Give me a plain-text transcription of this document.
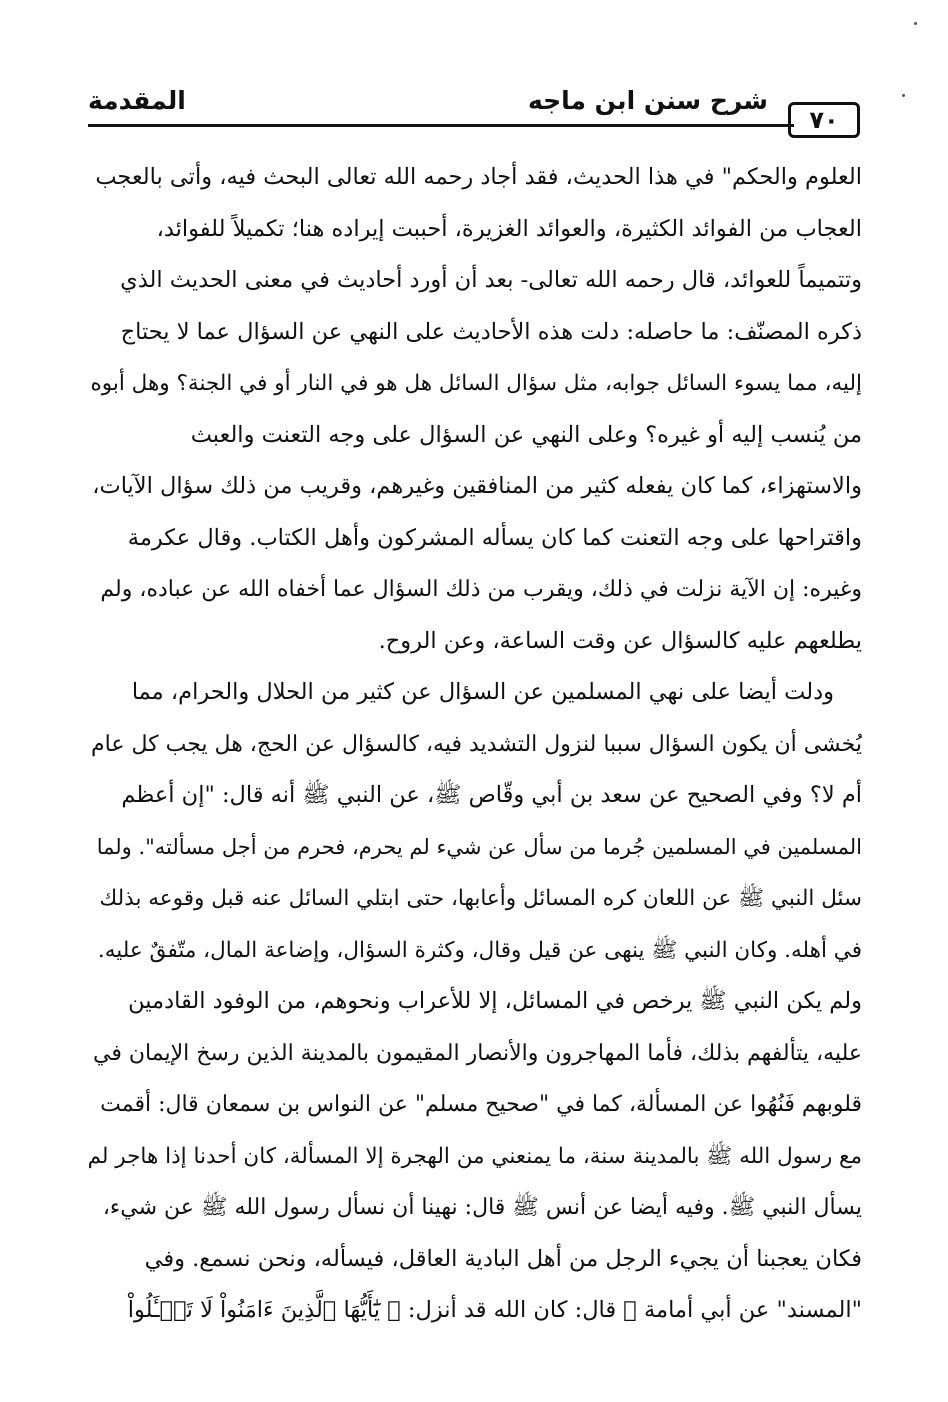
٧٠
شرح سنن ابن ماجه
المقدمة
العلوم والحكم" في هذا الحديث، فقد أجاد رحمه الله تعالى البحث فيه، وأتى بالعجب
العجاب من الفوائد الكثيرة، والعوائد الغزيرة، أحببت إيراده هنا؛ تكميلاً للفوائد،
وتتميماً للعوائد، قال رحمه الله تعالى- بعد أن أورد أحاديث في معنى الحديث الذي
ذكره المصنّف: ما حاصله: دلت هذه الأحاديث على النهي عن السؤال عما لا يحتاج
إليه، مما يسوء السائل جوابه، مثل سؤال السائل هل هو في النار أو في الجنة؟ وهل أبوه
من يُنسب إليه أو غيره؟ وعلى النهي عن السؤال على وجه التعنت والعبث
والاستهزاء، كما كان يفعله كثير من المنافقين وغيرهم، وقريب من ذلك سؤال الآيات،
واقتراحها على وجه التعنت كما كان يسأله المشركون وأهل الكتاب. وقال عكرمة
وغيره: إن الآية نزلت في ذلك، ويقرب من ذلك السؤال عما أخفاه الله عن عباده، ولم
يطلعهم عليه كالسؤال عن وقت الساعة، وعن الروح.
ودلت أيضا على نهي المسلمين عن السؤال عن كثير من الحلال والحرام، مما
يُخشى أن يكون السؤال سببا لنزول التشديد فيه، كالسؤال عن الحج، هل يجب كل عام
أم لا؟ وفي الصحيح عن سعد بن أبي وقّاص ﷺ، عن النبي ﷺ أنه قال: "إن أعظم
المسلمين في المسلمين جُرما من سأل عن شيء لم يحرم، فحرم من أجل مسألته". ولما
سئل النبي ﷺ عن اللعان كره المسائل وأعابها، حتى ابتلي السائل عنه قبل وقوعه بذلك
في أهله. وكان النبي ﷺ ينهى عن قيل وقال، وكثرة السؤال، وإضاعة المال، متّفقٌ عليه.
ولم يكن النبي ﷺ يرخص في المسائل، إلا للأعراب ونحوهم، من الوفود القادمين
عليه، يتألفهم بذلك، فأما المهاجرون والأنصار المقيمون بالمدينة الذين رسخ الإيمان في
قلوبهم فَنُهُوا عن المسألة، كما في "صحيح مسلم" عن النواس بن سمعان قال: أقمت
مع رسول الله ﷺ بالمدينة سنة، ما يمنعني من الهجرة إلا المسألة، كان أحدنا إذا هاجر لم
يسأل النبي ﷺ. وفيه أيضا عن أنس ﷺ قال: نهينا أن نسأل رسول الله ﷺ عن شيء،
فكان يعجبنا أن يجيء الرجل من أهل البادية العاقل، فيسأله، ونحن نسمع. وفي
"المسند" عن أبي أمامة ﷺ قال: كان الله قد أنزل: ﴿ يَٰٓأَيُّهَا ٱلَّذِينَ ءَامَنُواْ لَا تَسۡـَٔلُواْ
